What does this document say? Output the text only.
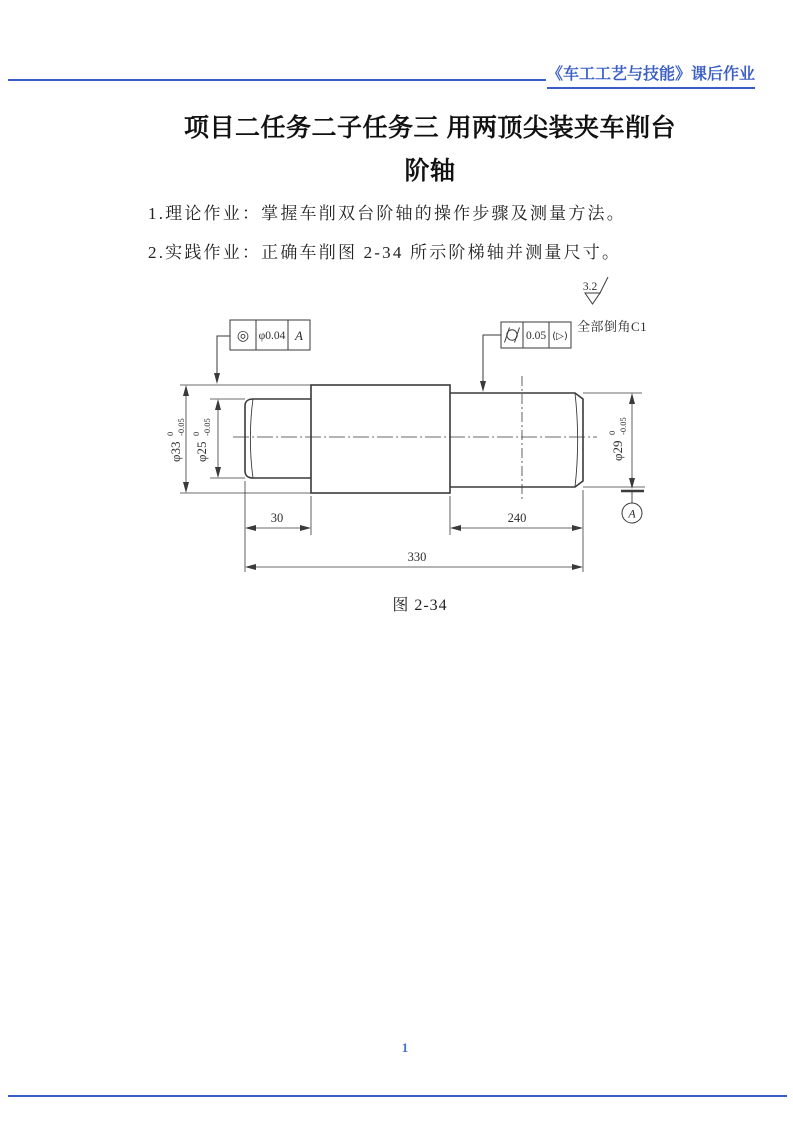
《车工工艺与技能》课后作业
项目二任务二子任务三 用两顶尖装夹车削台
阶轴
1.理论作业：掌握车削双台阶轴的操作步骤及测量方法。
2.实践作业：正确车削图 2-34 所示阶梯轴并测量尺寸。
3.2
全部倒角C1
◎ φ0.04 A	0.05 (▷)
A
30	240
330
φ33
0 -0.05
φ25
0 -0.05
φ29
0 -0.05
图 2-34
1
